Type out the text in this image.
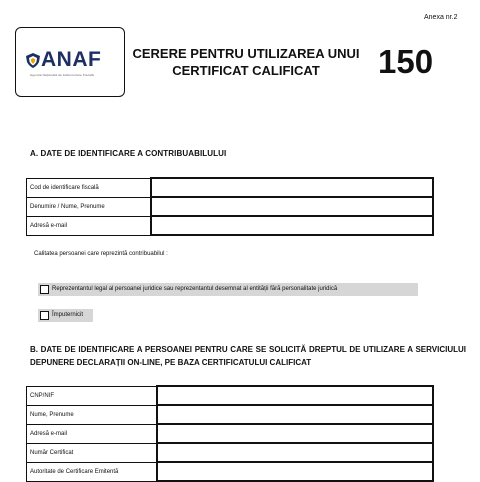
Anexa nr.2
ANAF
Agenția Națională de Administrare Fiscală
CERERE PENTRU UTILIZAREA UNUI
CERTIFICAT CALIFICAT	150
A. DATE DE IDENTIFICARE A CONTRIBUABILULUI
Cod de identificare fiscală	
Denumire / Nume, Prenume	
Adresă e-mail	
Calitatea persoanei care reprezintă contribuabilul :
Reprezentantul legal al persoanei juridice sau reprezentantul desemnat al entității fără personalitate juridică
Împuternicit
B. DATE DE IDENTIFICARE A PERSOANEI PENTRU CARE SE SOLICITĂ DREPTUL DE UTILIZARE A SERVICIULUI DEPUNERE DECLARAȚII ON-LINE, PE BAZA CERTIFICATULUI CALIFICAT
CNP/NIF	
Nume, Prenume	
Adresă e-mail	
Număr Certificat	
Autoritate de Certificare Emitentă	
